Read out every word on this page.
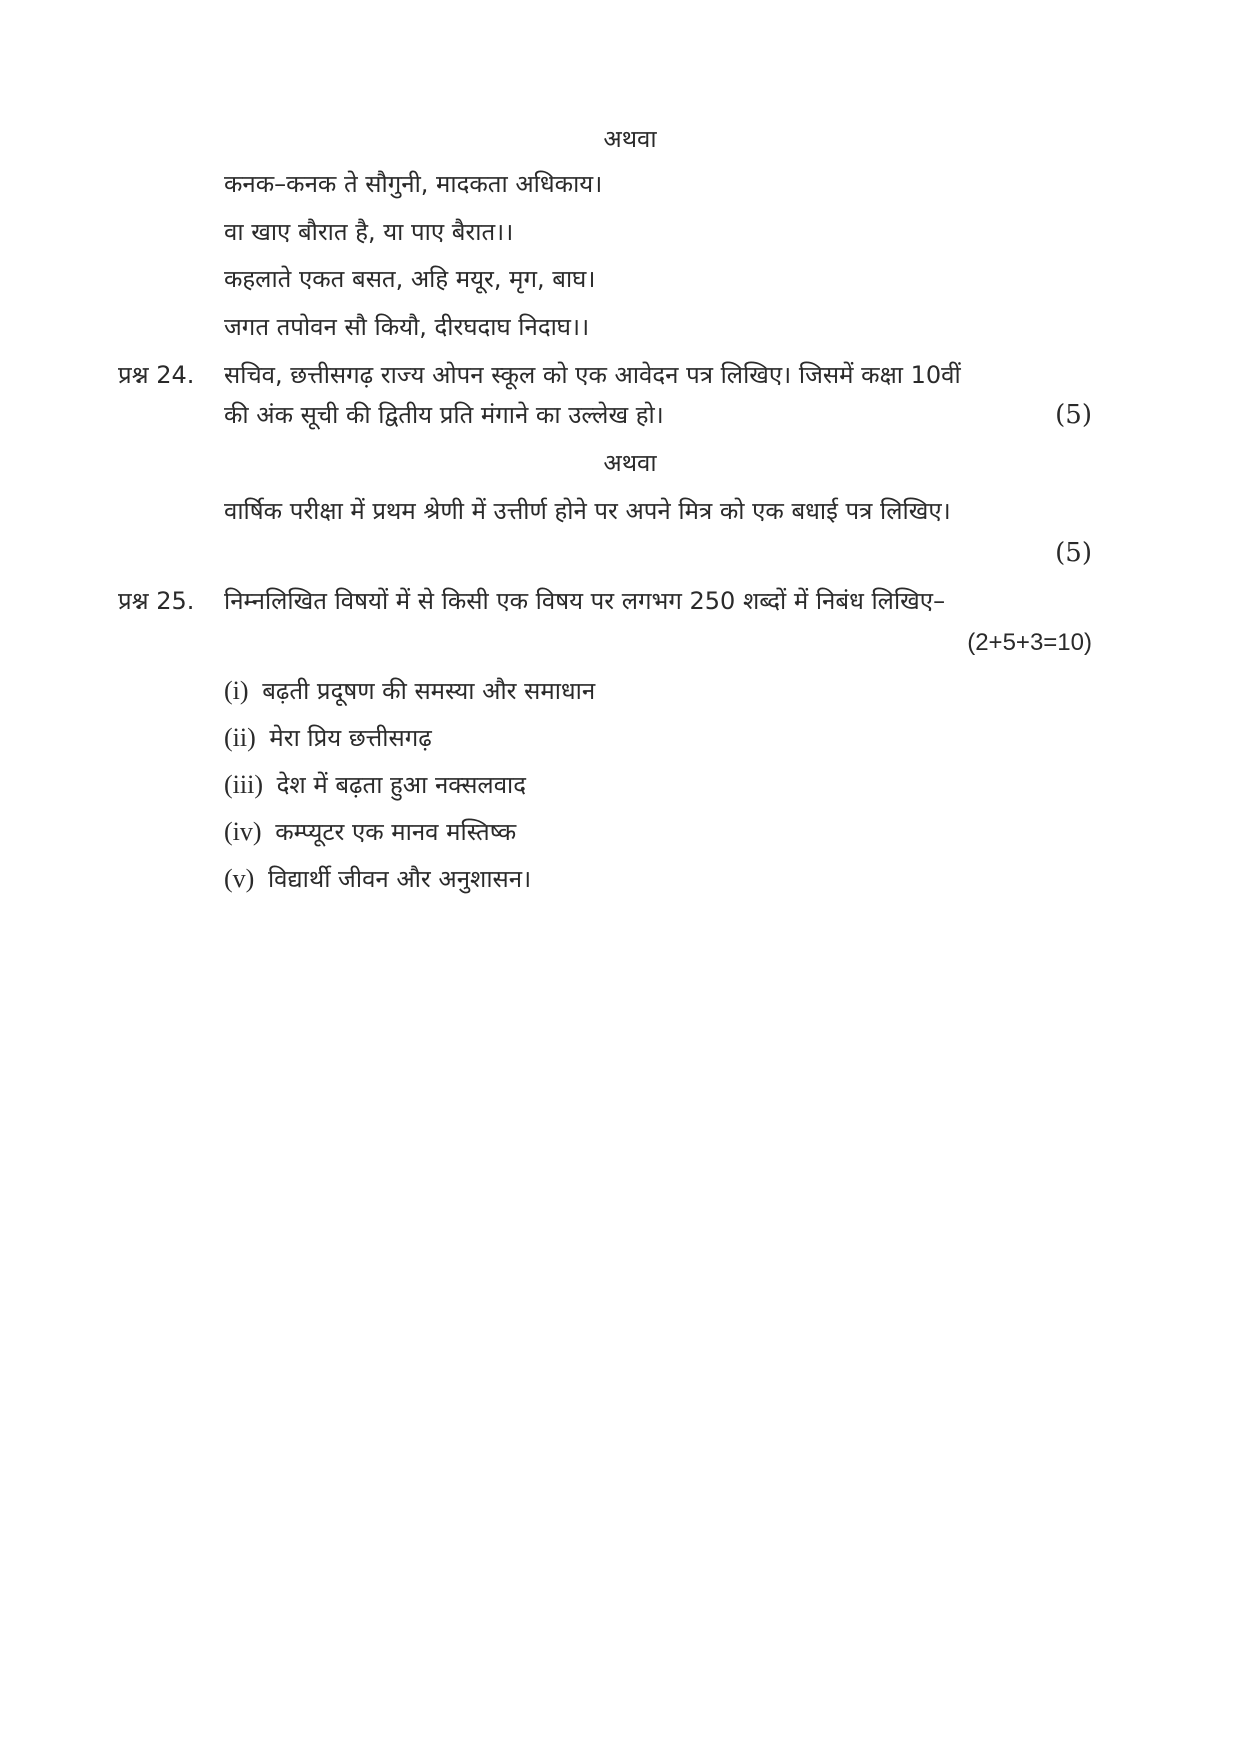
अथवा
कनक–कनक ते सौगुनी, मादकता अधिकाय।
वा खाए बौरात है, या पाए बैरात।।
कहलाते एकत बसत, अहि मयूर, मृग, बाघ।
जगत तपोवन सौ कियौ, दीरघदाघ निदाघ।।
प्रश्न 24. सचिव, छत्तीसगढ़ राज्य ओपन स्कूल को एक आवेदन पत्र लिखिए। जिसमें कक्षा 10वीं
की अंक सूची की द्वितीय प्रति मंगाने का उल्लेख हो।	(5)
अथवा
वार्षिक परीक्षा में प्रथम श्रेणी में उत्तीर्ण होने पर अपने मित्र को एक बधाई पत्र लिखिए।
(5)
प्रश्न 25. निम्नलिखित विषयों में से किसी एक विषय पर लगभग 250 शब्दों में निबंध लिखिए–
(2+5+3=10)
(i) बढ़ती प्रदूषण की समस्या और समाधान
(ii) मेरा प्रिय छत्तीसगढ़
(iii) देश में बढ़ता हुआ नक्सलवाद
(iv) कम्प्यूटर एक मानव मस्तिष्क
(v) विद्यार्थी जीवन और अनुशासन।
